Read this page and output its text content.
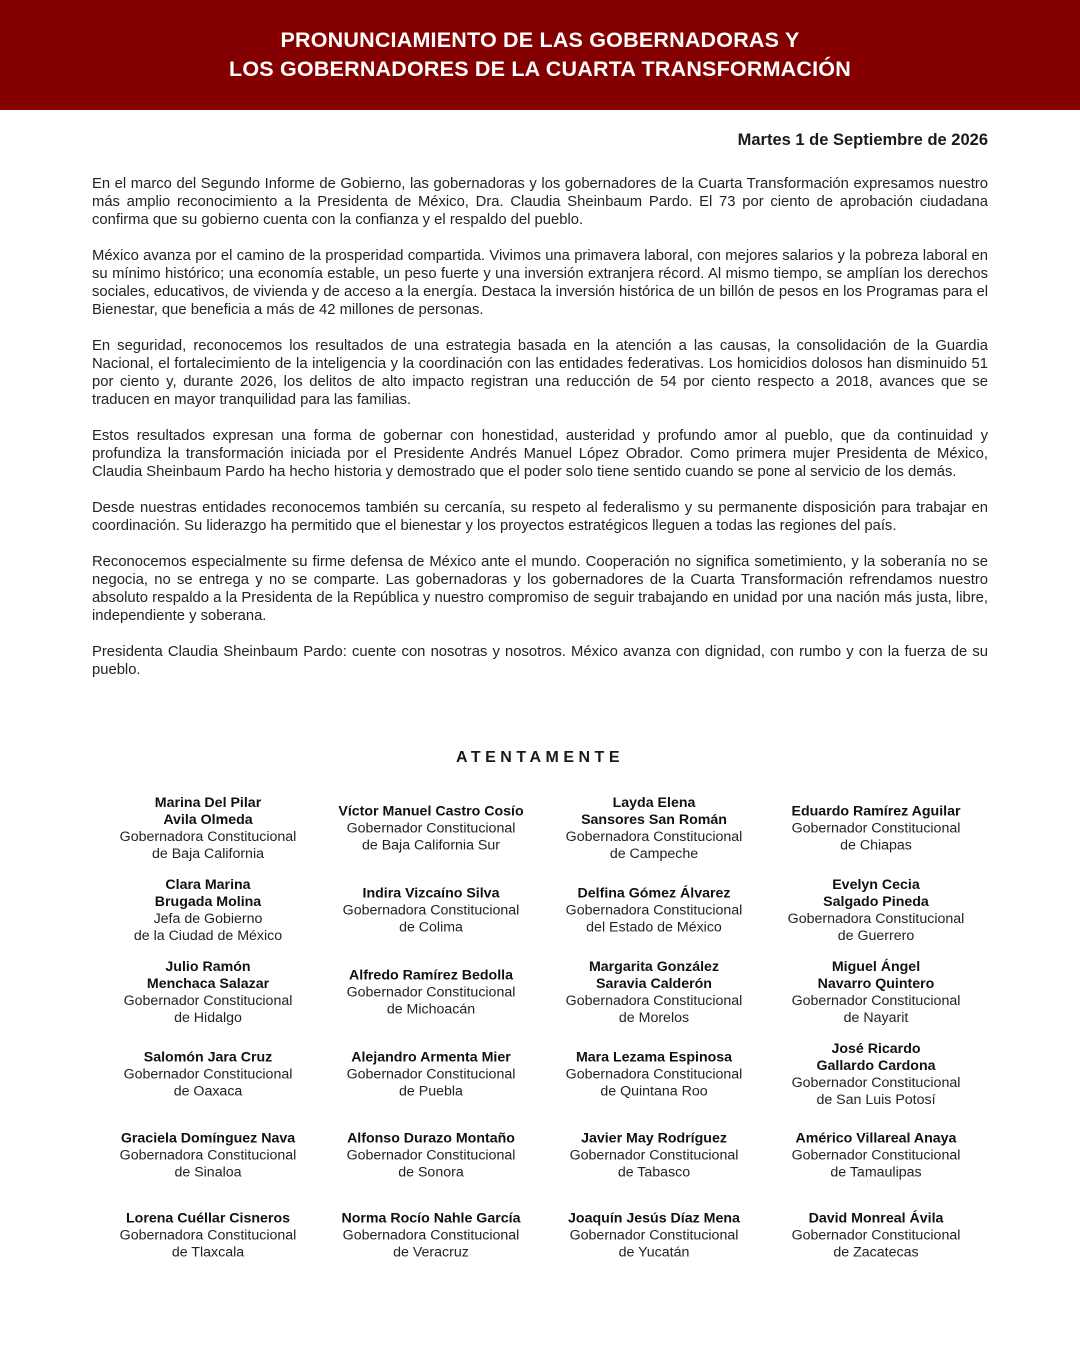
PRONUNCIAMIENTO DE LAS GOBERNADORAS Y
LOS GOBERNADORES DE LA CUARTA TRANSFORMACIÓN
Martes 1 de Septiembre de 2026

En el marco del Segundo Informe de Gobierno, las gobernadoras y los gobernadores de la Cuarta Transformación expresamos nuestro más amplio reconocimiento a la Presidenta de México, Dra. Claudia Sheinbaum Pardo. El 73 por ciento de aprobación ciudadana confirma que su gobierno cuenta con la confianza y el respaldo del pueblo.

México avanza por el camino de la prosperidad compartida. Vivimos una primavera laboral, con mejores salarios y la pobreza laboral en su mínimo histórico; una economía estable, un peso fuerte y una inversión extranjera récord. Al mismo tiempo, se amplían los derechos sociales, educativos, de vivienda y de acceso a la energía. Destaca la inversión histórica de un billón de pesos en los Programas para el Bienestar, que beneficia a más de 42 millones de personas.

En seguridad, reconocemos los resultados de una estrategia basada en la atención a las causas, la consolidación de la Guardia Nacional, el fortalecimiento de la inteligencia y la coordinación con las entidades federativas. Los homicidios dolosos han disminuido 51 por ciento y, durante 2026, los delitos de alto impacto registran una reducción de 54 por ciento respecto a 2018, avances que se traducen en mayor tranquilidad para las familias.

Estos resultados expresan una forma de gobernar con honestidad, austeridad y profundo amor al pueblo, que da continuidad y profundiza la transformación iniciada por el Presidente Andrés Manuel López Obrador. Como primera mujer Presidenta de México, Claudia Sheinbaum Pardo ha hecho historia y demostrado que el poder solo tiene sentido cuando se pone al servicio de los demás.

Desde nuestras entidades reconocemos también su cercanía, su respeto al federalismo y su permanente disposición para trabajar en coordinación. Su liderazgo ha permitido que el bienestar y los proyectos estratégicos lleguen a todas las regiones del país.

Reconocemos especialmente su firme defensa de México ante el mundo. Cooperación no significa sometimiento, y la soberanía no se negocia, no se entrega y no se comparte. Las gobernadoras y los gobernadores de la Cuarta Transformación refrendamos nuestro absoluto respaldo a la Presidenta de la República y nuestro compromiso de seguir trabajando en unidad por una nación más justa, libre, independiente y soberana.

Presidenta Claudia Sheinbaum Pardo: cuente con nosotras y nosotros. México avanza con dignidad, con rumbo y con la fuerza de su pueblo.

ATENTAMENTE
Marina Del Pilar
Avila Olmeda
Gobernadora Constitucional
de Baja California
Víctor Manuel Castro Cosío
Gobernador Constitucional
de Baja California Sur
Layda Elena
Sansores San Román
Gobernadora Constitucional
de Campeche
Eduardo Ramírez Aguilar
Gobernador Constitucional
de Chiapas
Clara Marina
Brugada Molina
Jefa de Gobierno
de la Ciudad de México
Indira Vizcaíno Silva
Gobernadora Constitucional
de Colima
Delfina Gómez Álvarez
Gobernadora Constitucional
del Estado de México
Evelyn Cecia
Salgado Pineda
Gobernadora Constitucional
de Guerrero
Julio Ramón
Menchaca Salazar
Gobernador Constitucional
de Hidalgo
Alfredo Ramírez Bedolla
Gobernador Constitucional
de Michoacán
Margarita González
Saravia Calderón
Gobernadora Constitucional
de Morelos
Miguel Ángel
Navarro Quintero
Gobernador Constitucional
de Nayarit
Salomón Jara Cruz
Gobernador Constitucional
de Oaxaca
Alejandro Armenta Mier
Gobernador Constitucional
de Puebla
Mara Lezama Espinosa
Gobernadora Constitucional
de Quintana Roo
José Ricardo
Gallardo Cardona
Gobernador Constitucional
de San Luis Potosí
Graciela Domínguez Nava
Gobernadora Constitucional
de Sinaloa
Alfonso Durazo Montaño
Gobernador Constitucional
de Sonora
Javier May Rodríguez
Gobernador Constitucional
de Tabasco
Américo Villareal Anaya
Gobernador Constitucional
de Tamaulipas
Lorena Cuéllar Cisneros
Gobernadora Constitucional
de Tlaxcala
Norma Rocío Nahle García
Gobernadora Constitucional
de Veracruz
Joaquín Jesús Díaz Mena
Gobernador Constitucional
de Yucatán
David Monreal Ávila
Gobernador Constitucional
de Zacatecas
